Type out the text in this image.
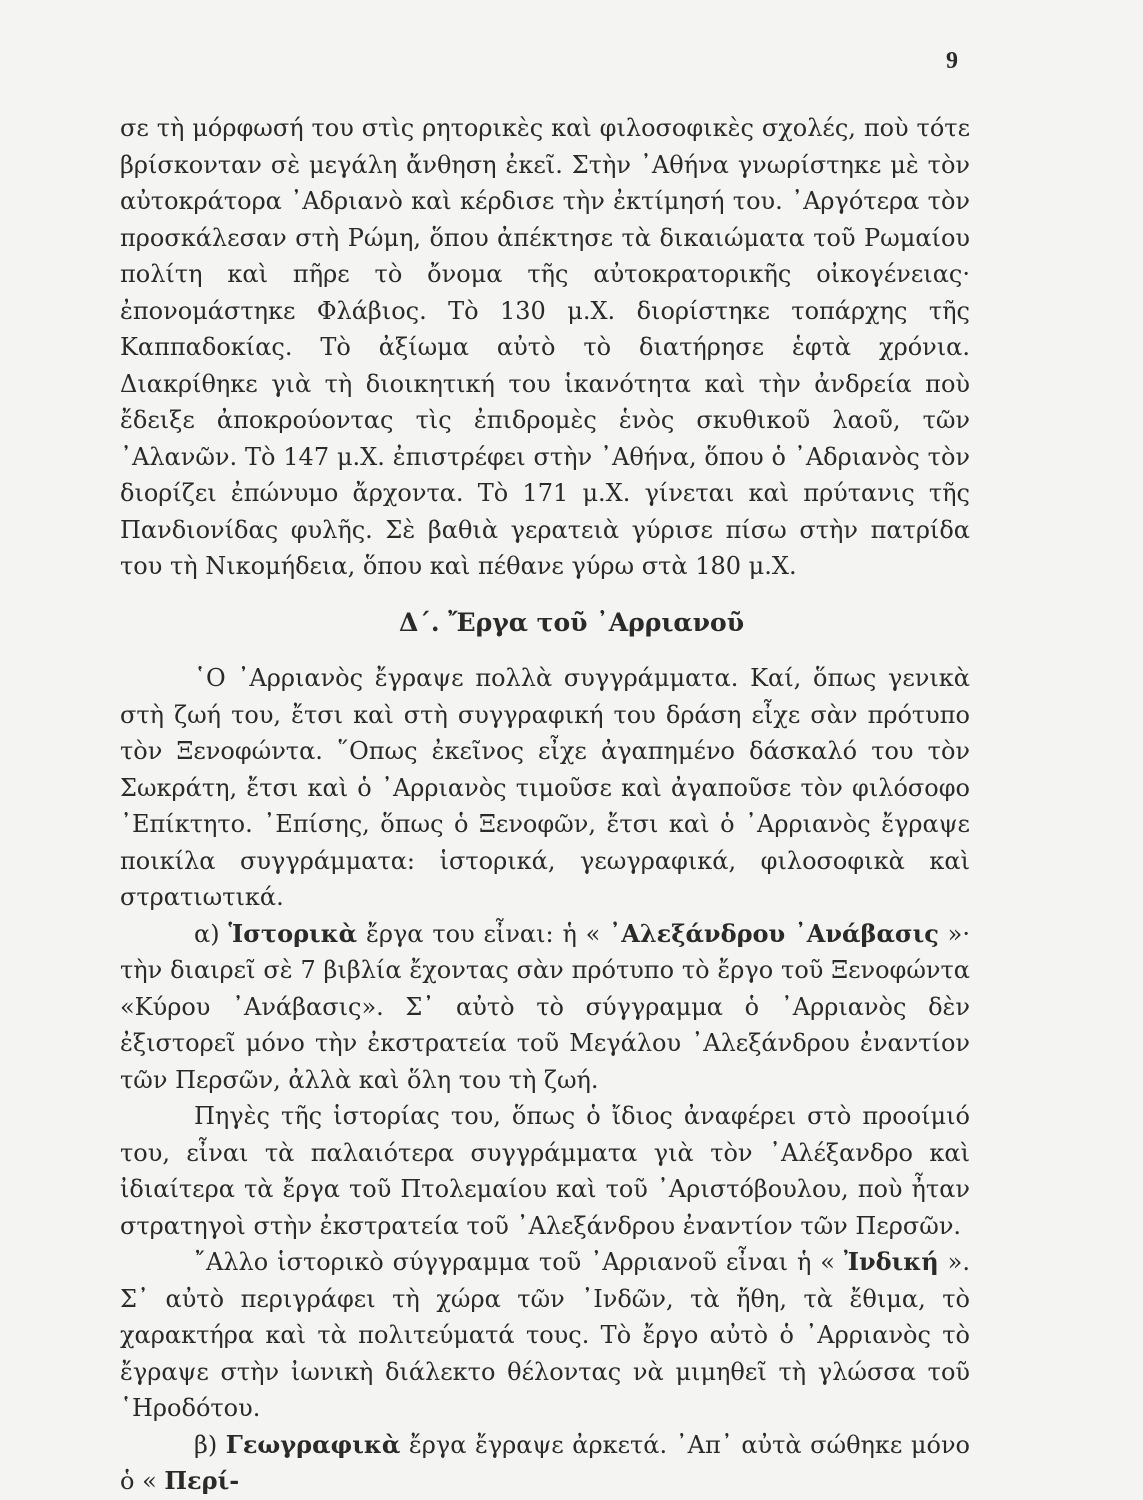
9

σε τὴ μόρφωσή του στὶς ρητορικὲς καὶ φιλοσοφικὲς σχολές, ποὺ τότε βρίσκονταν σὲ μεγάλη ἄνθηση ἐκεῖ. Στὴν ᾿Αθήνα γνωρίστηκε μὲ τὸν αὐτοκράτορα ᾿Αδριανὸ καὶ κέρδισε τὴν ἐκτίμησή του. ᾿Αργότερα τὸν προσκάλεσαν στὴ Ρώμη, ὅπου ἀπέκτησε τὰ δικαιώματα τοῦ Ρωμαίου πολίτη καὶ πῆρε τὸ ὄνομα τῆς αὐτοκρατορικῆς οἰκογένειας· ἐπονομάστηκε Φλάβιος. Τὸ 130 μ.Χ. διορίστηκε τοπάρχης τῆς Καππαδοκίας. Τὸ ἀξίωμα αὐτὸ τὸ διατήρησε ἑφτὰ χρόνια. Διακρίθηκε γιὰ τὴ διοικητική του ἱκανότητα καὶ τὴν ἀνδρεία ποὺ ἔδειξε ἀποκρούοντας τὶς ἐπιδρομὲς ἑνὸς σκυθικοῦ λαοῦ, τῶν ᾿Αλανῶν. Τὸ 147 μ.Χ. ἐπιστρέφει στὴν ᾿Αθήνα, ὅπου ὁ ᾿Αδριανὸς τὸν διορίζει ἐπώνυμο ἄρχοντα. Τὸ 171 μ.Χ. γίνεται καὶ πρύτανις τῆς Πανδιονίδας φυλῆς. Σὲ βαθιὰ γερατειὰ γύρισε πίσω στὴν πατρίδα του τὴ Νικομήδεια, ὅπου καὶ πέθανε γύρω στὰ 180 μ.Χ.

Δ΄. Ἔργα τοῦ ᾿Αρριανοῦ

῾Ο ᾿Αρριανὸς ἔγραψε πολλὰ συγγράμματα. Καί, ὅπως γενικὰ στὴ ζωή του, ἔτσι καὶ στὴ συγγραφική του δράση εἶχε σὰν πρότυπο τὸν Ξενοφώντα. ῞Οπως ἐκεῖνος εἶχε ἀγαπημένο δάσκαλό του τὸν Σωκράτη, ἔτσι καὶ ὁ ᾿Αρριανὸς τιμοῦσε καὶ ἀγαποῦσε τὸν φιλόσοφο ᾿Επίκτητο. ᾿Επίσης, ὅπως ὁ Ξενοφῶν, ἔτσι καὶ ὁ ᾿Αρριανὸς ἔγραψε ποικίλα συγγράμματα: ἱστορικά, γεωγραφικά, φιλοσοφικὰ καὶ στρατιωτικά.

α) Ἱστορικὰ ἔργα του εἶναι: ἡ « ᾿Αλεξάνδρου ᾿Ανάβασις »· τὴν διαιρεῖ σὲ 7 βιβλία ἔχοντας σὰν πρότυπο τὸ ἔργο τοῦ Ξενοφώντα «Κύρου ᾿Ανάβασις». Σ᾿ αὐτὸ τὸ σύγγραμμα ὁ ᾿Αρριανὸς δὲν ἐξιστορεῖ μόνο τὴν ἐκστρατεία τοῦ Μεγάλου ᾿Αλεξάνδρου ἐναντίον τῶν Περσῶν, ἀλλὰ καὶ ὅλη του τὴ ζωή.

Πηγὲς τῆς ἱστορίας του, ὅπως ὁ ἴδιος ἀναφέρει στὸ προοίμιό του, εἶναι τὰ παλαιότερα συγγράμματα γιὰ τὸν ᾿Αλέξανδρο καὶ ἰδιαίτερα τὰ ἔργα τοῦ Πτολεμαίου καὶ τοῦ ᾿Αριστόβουλου, ποὺ ἦταν στρατηγοὶ στὴν ἐκστρατεία τοῦ ᾿Αλεξάνδρου ἐναντίον τῶν Περσῶν.

῎Αλλο ἱστορικὸ σύγγραμμα τοῦ ᾿Αρριανοῦ εἶναι ἡ « Ἰνδική ». Σ᾿ αὐτὸ περιγράφει τὴ χώρα τῶν ᾿Ινδῶν, τὰ ἤθη, τὰ ἔθιμα, τὸ χαρακτήρα καὶ τὰ πολιτεύματά τους. Τὸ ἔργο αὐτὸ ὁ ᾿Αρριανὸς τὸ ἔγραψε στὴν ἰωνικὴ διάλεκτο θέλοντας νὰ μιμηθεῖ τὴ γλώσσα τοῦ ῾Ηροδότου.

β) Γεωγραφικὰ ἔργα ἔγραψε ἀρκετά. ᾿Απ᾿ αὐτὰ σώθηκε μόνο ὁ « Περί-
